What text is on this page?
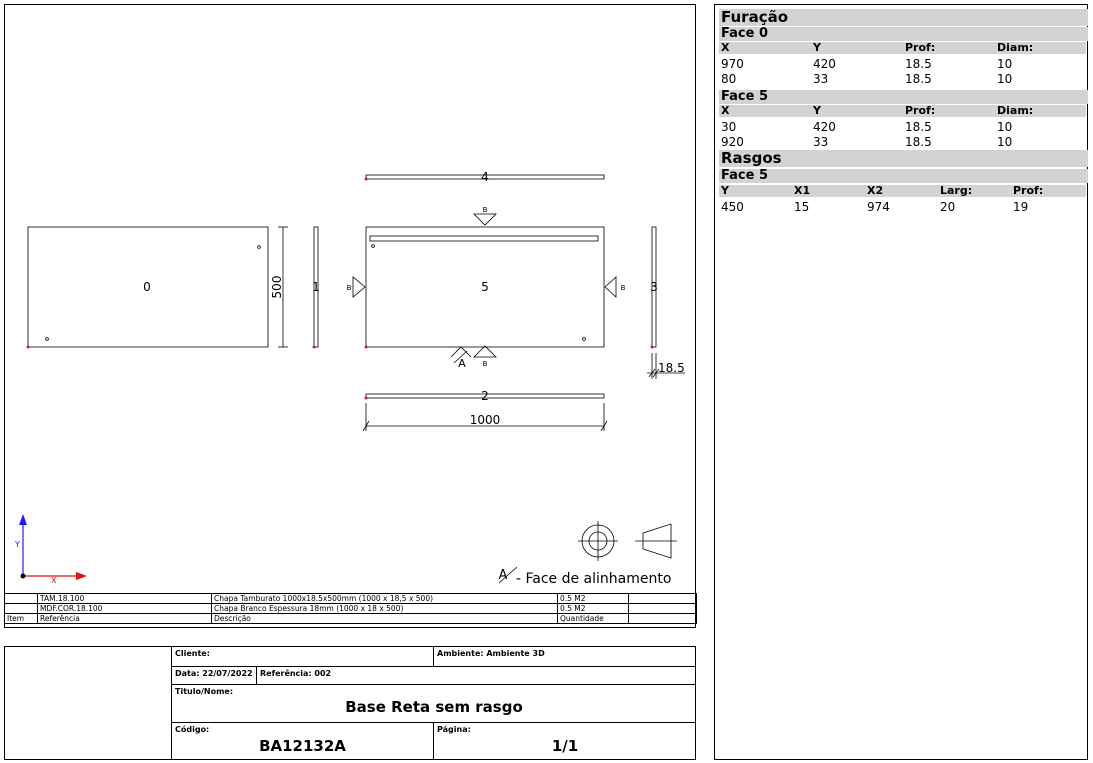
0	1
4
5	3
2
1000
500
18.5
B
B	B
B
A
X
Y
A - Face de alinhamento
	TAM.18.100	Chapa Tamburato 1000x18.5x500mm (1000 x 18,5 x 500)	0.5 M2	
	MDF.COR.18.100	Chapa Branco Espessura 18mm (1000 x 18 x 500)	0.5 M2	
Item	Referência	Descrição	Quantidade	
Cliente:	Ambiente: Ambiente 3D
Data: 22/07/2022 Referência: 002
Titulo/Nome:
Base Reta sem rasgo
Código:
BA12132A
Página:
1/1
Furação
Face 0
X	Y	Prof:	Diam:
970	420	18.5	10
80	33	18.5	10
Face 5
X	Y	Prof:	Diam:
30	420	18.5	10
920	33	18.5	10
Rasgos
Face 5
Y	X1	X2	Larg:	Prof:
450	15	974	20	19
